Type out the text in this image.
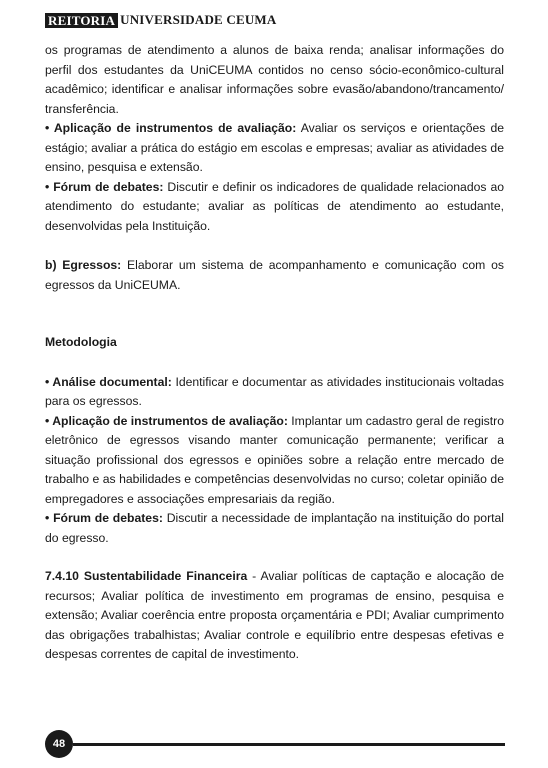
REITORIA UNIVERSIDADE CEUMA

os programas de atendimento a alunos de baixa renda; analisar informações do perfil dos estudantes da UniCEUMA contidos no censo sócio-econômico-cultural acadêmico; identificar e analisar informações sobre evasão/abandono/trancamento/ transferência.

• Aplicação de instrumentos de avaliação: Avaliar os serviços e orientações de estágio; avaliar a prática do estágio em escolas e empresas; avaliar as atividades de ensino, pesquisa e extensão.

• Fórum de debates: Discutir e definir os indicadores de qualidade relacionados ao atendimento do estudante; avaliar as políticas de atendimento ao estudante, desenvolvidas pela Instituição.

b) Egressos: Elaborar um sistema de acompanhamento e comunicação com os egressos da UniCEUMA.

Metodologia

• Análise documental: Identificar e documentar as atividades institucionais voltadas para os egressos.

• Aplicação de instrumentos de avaliação: Implantar um cadastro geral de registro eletrônico de egressos visando manter comunicação permanente; verificar a situação profissional dos egressos e opiniões sobre a relação entre mercado de trabalho e as habilidades e competências desenvolvidas no curso; coletar opinião de empregadores e associações empresariais da região.

• Fórum de debates: Discutir a necessidade de implantação na instituição do portal do egresso.

7.4.10 Sustentabilidade Financeira - Avaliar políticas de captação e alocação de recursos; Avaliar política de investimento em programas de ensino, pesquisa e extensão; Avaliar coerência entre proposta orçamentária e PDI; Avaliar cumprimento das obrigações trabalhistas; Avaliar controle e equilíbrio entre despesas efetivas e despesas correntes de capital de investimento.

48
